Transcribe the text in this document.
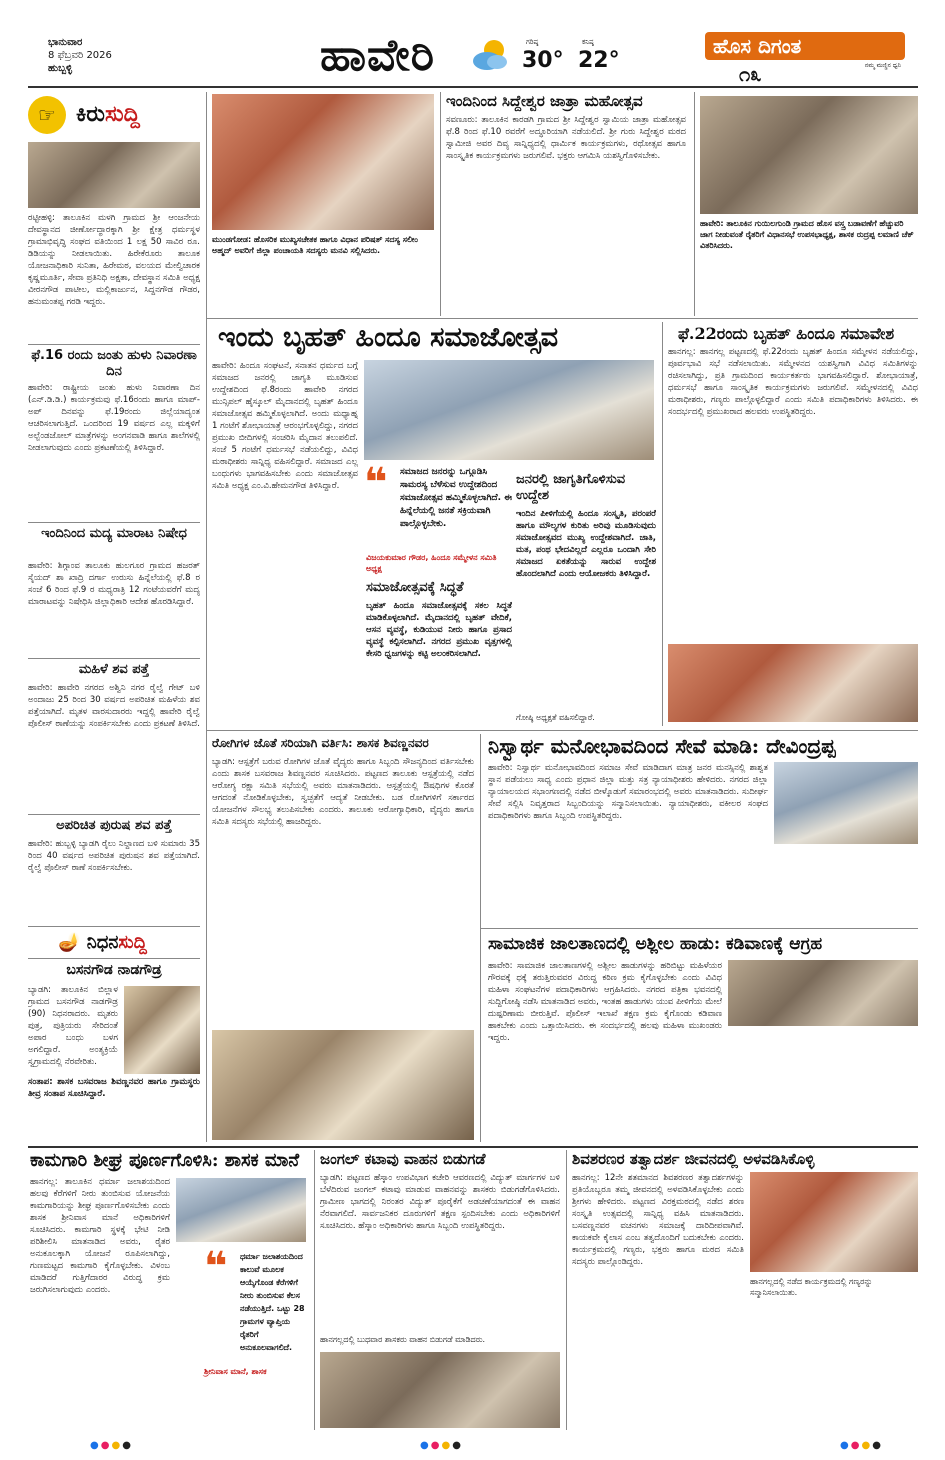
ಭಾನುವಾರ
8 ಫೆಬ್ರವರಿ 2026

ಹುಬ್ಬಳ್ಳಿ	ಹಾವೇರಿ	ಗರಿಷ್ಠ
30°
ಕನಿಷ್ಠ
22°
ಹೊಸ ದಿಗಂತ
೧೩	ನಮ್ಮ ಮಣ್ಣಿನ ಧ್ವನಿ
☞ ಕಿರುಸುದ್ದಿ
ರಟ್ಟೀಹಳ್ಳಿ: ತಾಲೂಕಿನ ಮಳಗಿ ಗ್ರಾಮದ ಶ್ರೀ ಆಂಜನೇಯ ದೇವಸ್ಥಾನದ ಜೀರ್ಣೋದ್ಧಾರಕ್ಕಾಗಿ ಶ್ರೀ ಕ್ಷೇತ್ರ ಧರ್ಮಸ್ಥಳ ಗ್ರಾಮಾಭಿವೃದ್ಧಿ ಸಂಘದ ವತಿಯಿಂದ 1 ಲಕ್ಷ 50 ಸಾವಿರ ರೂ. ಡಿಡಿಯನ್ನು ನೀಡಲಾಯಿತು. ಹಿರೇಕೆರೂರು ತಾಲೂಕ ಯೋಜನಾಧಿಕಾರಿ ಸುನಿತಾ, ಹಿರೇಮಠ, ವಲಯದ ಮೇಲ್ವಿಚಾರಕ ಕೃಷ್ಣಮೂರ್ತಿ, ಸೇವಾ ಪ್ರತಿನಿಧಿ ಅಕ್ಷತಾ, ದೇವಸ್ಥಾನ ಸಮಿತಿ ಅಧ್ಯಕ್ಷ ವೀರನಗೌಡ ಪಾಟೀಲ, ಮಲ್ಲಿಕಾರ್ಜುನ, ಸಿದ್ದನಗೌಡ ಗೌಡರ, ಹನುಮಂತಪ್ಪ ಗರಡಿ ಇದ್ದರು.
ಫೆ.16 ರಂದು ಜಂತು ಹುಳು ನಿವಾರಣಾ ದಿನ
ಹಾವೇರಿ: ರಾಷ್ಟ್ರೀಯ ಜಂತು ಹುಳು ನಿವಾರಣಾ ದಿನ (ಎನ್.ಡಿ.ಡಿ.) ಕಾರ್ಯಕ್ರಮವು ಫೆ.16ರಂದು ಹಾಗೂ ಮಾಪ್-ಅಪ್ ದಿನವನ್ನು ಫೆ.19ರಂದು ಜಿಲ್ಲೆಯಾದ್ಯಂತ ಆಚರಿಸಲಾಗುತ್ತಿದೆ. ಒಂದರಿಂದ 19 ವರ್ಷದ ಎಲ್ಲ ಮಕ್ಕಳಿಗೆ ಅಲ್ಬೆಂಡಜೋಲ್ ಮಾತ್ರೆಗಳನ್ನು ಅಂಗನವಾಡಿ ಹಾಗೂ ಶಾಲೆಗಳಲ್ಲಿ ನೀಡಲಾಗುವುದು ಎಂದು ಪ್ರಕಟಣೆಯಲ್ಲಿ ತಿಳಿಸಿದ್ದಾರೆ.
ಇಂದಿನಿಂದ ಮದ್ಯ ಮಾರಾಟ ನಿಷೇಧ
ಹಾವೇರಿ: ಶಿಗ್ಗಾಂವ ತಾಲೂಕು ಹುಲಗೂರ ಗ್ರಾಮದ ಹಜರತ್ ಸೈಯದ್ ಶಾ ಖಾದ್ರಿ ದರ್ಗಾ ಉರುಸು ಹಿನ್ನೆಲೆಯಲ್ಲಿ ಫೆ.8 ರ ಸಂಜೆ 6 ರಿಂದ ಫೆ.9 ರ ಮಧ್ಯರಾತ್ರಿ 12 ಗಂಟೆಯವರೆಗೆ ಮದ್ಯ ಮಾರಾಟವನ್ನು ನಿಷೇಧಿಸಿ ಜಿಲ್ಲಾಧಿಕಾರಿ ಆದೇಶ ಹೊರಡಿಸಿದ್ದಾರೆ.
ಮಹಿಳೆ ಶವ ಪತ್ತೆ
ಹಾವೇರಿ: ಹಾವೇರಿ ನಗರದ ಅಶ್ವಿನಿ ನಗರ ರೈಲ್ವೆ ಗೇಟ್ ಬಳಿ ಅಂದಾಜು 25 ರಿಂದ 30 ವರ್ಷದ ಅಪರಿಚಿತ ಮಹಿಳೆಯ ಶವ ಪತ್ತೆಯಾಗಿದೆ. ಮೃತಳ ವಾರಸುದಾರರು ಇದ್ದಲ್ಲಿ ಹಾವೇರಿ ರೈಲ್ವೆ ಪೊಲೀಸ್ ಠಾಣೆಯನ್ನು ಸಂಪರ್ಕಿಸಬೇಕು ಎಂದು ಪ್ರಕಟಣೆ ತಿಳಿಸಿದೆ.
ಅಪರಿಚಿತ ಪುರುಷ ಶವ ಪತ್ತೆ
ಹಾವೇರಿ: ಹುಬ್ಬಳ್ಳಿ ಬ್ಯಾಡಗಿ ರೈಲು ನಿಲ್ದಾಣದ ಬಳಿ ಸುಮಾರು 35 ರಿಂದ 40 ವರ್ಷದ ಅಪರಿಚಿತ ಪುರುಷನ ಶವ ಪತ್ತೆಯಾಗಿದೆ. ರೈಲ್ವೆ ಪೊಲೀಸ್ ಠಾಣೆ ಸಂಪರ್ಕಿಸಬೇಕು.
🪔 ನಿಧನಸುದ್ದಿ
ಬಸನಗೌಡ ನಾಡಗೌಡ್ರ
ಬ್ಯಾಡಗಿ: ತಾಲೂಕಿನ ಬಿಲ್ಲಾಳ ಗ್ರಾಮದ ಬಸನಗೌಡ ನಾಡಗೌಡ್ರ (90) ನಿಧನರಾದರು. ಮೃತರು ಪುತ್ರ, ಪುತ್ರಿಯರು ಸೇರಿದಂತೆ ಅಪಾರ ಬಂಧು ಬಳಗ ಅಗಲಿದ್ದಾರೆ. ಅಂತ್ಯಕ್ರಿಯೆ ಸ್ವಗ್ರಾಮದಲ್ಲಿ ನೆರವೇರಿತು.
ಸಂತಾಪ: ಶಾಸಕ ಬಸವರಾಜ ಶಿವಣ್ಣನವರ ಹಾಗೂ ಗ್ರಾಮಸ್ಥರು ತೀವ್ರ ಸಂತಾಪ ಸೂಚಿಸಿದ್ದಾರೆ.
ಮುಂಡಗೋಡ: ಹೊಸರಿಕ ಮುಖ್ಯಸಚೇತಕ ಹಾಗೂ ವಿಧಾನ ಪರಿಷತ್ ಸದಸ್ಯ ಸಲೀಂ ಅಹ್ಮದ್ ಅವರಿಗೆ ಜಿಲ್ಲಾ ಪಂಚಾಯತಿ ಸದಸ್ಯರು ಮನವಿ ಸಲ್ಲಿಸಿದರು.
ಇಂದಿನಿಂದ ಸಿದ್ದೇಶ್ವರ ಜಾತ್ರಾ ಮಹೋತ್ಸವ
ಸವಣೂರು: ತಾಲೂಕಿನ ಕಾರಡಗಿ ಗ್ರಾಮದ ಶ್ರೀ ಸಿದ್ದೇಶ್ವರ ಸ್ವಾಮಿಯ ಜಾತ್ರಾ ಮಹೋತ್ಸವ ಫೆ.8 ರಿಂದ ಫೆ.10 ರವರೆಗೆ ಅದ್ಧೂರಿಯಾಗಿ ನಡೆಯಲಿದೆ. ಶ್ರೀ ಗುರು ಸಿದ್ದೇಶ್ವರ ಮಠದ ಸ್ವಾಮೀಜಿ ಅವರ ದಿವ್ಯ ಸಾನ್ನಿಧ್ಯದಲ್ಲಿ ಧಾರ್ಮಿಕ ಕಾರ್ಯಕ್ರಮಗಳು, ರಥೋತ್ಸವ ಹಾಗೂ ಸಾಂಸ್ಕೃತಿಕ ಕಾರ್ಯಕ್ರಮಗಳು ಜರುಗಲಿವೆ. ಭಕ್ತರು ಆಗಮಿಸಿ ಯಶಸ್ವಿಗೊಳಿಸಬೇಕು.
ಹಾವೇರಿ: ತಾಲೂಕಿನ ಗುಯಿಲಗುಂಡಿ ಗ್ರಾಮದ ಹೊಸ ವಸ್ತ್ರ ಬಡಾವಣೆಗೆ ಹೆಚ್ಚುವರಿ ಜಾಗ ನೀಡುವಂತೆ ರೈತರಿಗೆ ವಿಧಾನಸಭೆ ಉಪಸಭಾಧ್ಯಕ್ಷ, ಶಾಸಕ ರುದ್ರಪ್ಪ ಲಮಾಣಿ ಚೆಕ್ ವಿತರಿಸಿದರು.
ಇಂದು ಬೃಹತ್ ಹಿಂದೂ ಸಮಾಜೋತ್ಸವ
ಹಾವೇರಿ: ಹಿಂದೂ ಸಂಘಟನೆ, ಸನಾತನ ಧರ್ಮದ ಬಗ್ಗೆ ಸಮಾಜದ ಜನರಲ್ಲಿ ಜಾಗೃತಿ ಮೂಡಿಸುವ ಉದ್ದೇಶದಿಂದ ಫೆ.8ರಂದು ಹಾವೇರಿ ನಗರದ ಮುನ್ಸಿಪಲ್ ಹೈಸ್ಕೂಲ್ ಮೈದಾನದಲ್ಲಿ ಬೃಹತ್ ಹಿಂದೂ ಸಮಾಜೋತ್ಸವ ಹಮ್ಮಿಕೊಳ್ಳಲಾಗಿದೆ. ಅಂದು ಮಧ್ಯಾಹ್ನ 1 ಗಂಟೆಗೆ ಶೋಭಾಯಾತ್ರೆ ಆರಂಭಗೊಳ್ಳಲಿದ್ದು, ನಗರದ ಪ್ರಮುಖ ಬೀದಿಗಳಲ್ಲಿ ಸಂಚರಿಸಿ ಮೈದಾನ ತಲುಪಲಿದೆ. ಸಂಜೆ 5 ಗಂಟೆಗೆ ಧರ್ಮಸಭೆ ನಡೆಯಲಿದ್ದು, ವಿವಿಧ ಮಠಾಧೀಶರು ಸಾನ್ನಿಧ್ಯ ವಹಿಸಲಿದ್ದಾರೆ. ಸಮಾಜದ ಎಲ್ಲ ಬಂಧುಗಳು ಭಾಗವಹಿಸಬೇಕು ಎಂದು ಸಮಾಜೋತ್ಸವ ಸಮಿತಿ ಅಧ್ಯಕ್ಷ ಎಂ.ವಿ.ಹೇಮನಗೌಡ ತಿಳಿಸಿದ್ದಾರೆ. ❝ ಸಮಾಜದ ಜನರನ್ನು ಒಗ್ಗೂಡಿಸಿ ಸಾಮರಸ್ಯ ಬೆಳೆಸುವ ಉದ್ದೇಶದಿಂದ ಸಮಾಜೋತ್ಸವ ಹಮ್ಮಿಕೊಳ್ಳಲಾಗಿದೆ. ಈ ಹಿನ್ನೆಲೆಯಲ್ಲಿ ಜನತೆ ಸಕ್ರಿಯವಾಗಿ ಪಾಲ್ಗೊಳ್ಳಬೇಕು.
ವಿಜಯಕುಮಾರ ಗೌಡರ, ಹಿಂದೂ ಸಮ್ಮೇಳನ ಸಮಿತಿ ಅಧ್ಯಕ್ಷ
ಸಮಾಜೋತ್ಸವಕ್ಕೆ ಸಿದ್ಧತೆ
ಬೃಹತ್ ಹಿಂದೂ ಸಮಾಜೋತ್ಸವಕ್ಕೆ ಸಕಲ ಸಿದ್ಧತೆ ಮಾಡಿಕೊಳ್ಳಲಾಗಿದೆ. ಮೈದಾನದಲ್ಲಿ ಬೃಹತ್ ವೇದಿಕೆ, ಆಸನ ವ್ಯವಸ್ಥೆ, ಕುಡಿಯುವ ನೀರು ಹಾಗೂ ಪ್ರಸಾದ ವ್ಯವಸ್ಥೆ ಕಲ್ಪಿಸಲಾಗಿದೆ. ನಗರದ ಪ್ರಮುಖ ವೃತ್ತಗಳಲ್ಲಿ ಕೇಸರಿ ಧ್ವಜಗಳನ್ನು ಕಟ್ಟಿ ಅಲಂಕರಿಸಲಾಗಿದೆ.
ಜನರಲ್ಲಿ ಜಾಗೃತಿಗೊಳಿಸುವ ಉದ್ದೇಶ
ಇಂದಿನ ಪೀಳಿಗೆಯಲ್ಲಿ ಹಿಂದೂ ಸಂಸ್ಕೃತಿ, ಪರಂಪರೆ ಹಾಗೂ ಮೌಲ್ಯಗಳ ಕುರಿತು ಅರಿವು ಮೂಡಿಸುವುದು ಸಮಾಜೋತ್ಸವದ ಮುಖ್ಯ ಉದ್ದೇಶವಾಗಿದೆ. ಜಾತಿ, ಮತ, ಪಂಥ ಭೇದವಿಲ್ಲದೆ ಎಲ್ಲರೂ ಒಂದಾಗಿ ಸೇರಿ ಸಮಾಜದ ಏಕತೆಯನ್ನು ಸಾರುವ ಉದ್ದೇಶ ಹೊಂದಲಾಗಿದೆ ಎಂದು ಆಯೋಜಕರು ತಿಳಿಸಿದ್ದಾರೆ.
ಗೋಷ್ಠಿ ಅಧ್ಯಕ್ಷತೆ ವಹಿಸಲಿದ್ದಾರೆ.
ಫೆ.22ರಂದು ಬೃಹತ್ ಹಿಂದೂ ಸಮಾವೇಶ
ಹಾನಗಲ್ಲ: ಹಾನಗಲ್ಲ ಪಟ್ಟಣದಲ್ಲಿ ಫೆ.22ರಂದು ಬೃಹತ್ ಹಿಂದೂ ಸಮ್ಮೇಳನ ನಡೆಯಲಿದ್ದು, ಪೂರ್ವಭಾವಿ ಸಭೆ ನಡೆಸಲಾಯಿತು. ಸಮ್ಮೇಳನದ ಯಶಸ್ವಿಗಾಗಿ ವಿವಿಧ ಸಮಿತಿಗಳನ್ನು ರಚಿಸಲಾಗಿದ್ದು, ಪ್ರತಿ ಗ್ರಾಮದಿಂದ ಕಾರ್ಯಕರ್ತರು ಭಾಗವಹಿಸಲಿದ್ದಾರೆ. ಶೋಭಾಯಾತ್ರೆ, ಧರ್ಮಸಭೆ ಹಾಗೂ ಸಾಂಸ್ಕೃತಿಕ ಕಾರ್ಯಕ್ರಮಗಳು ಜರುಗಲಿವೆ. ಸಮ್ಮೇಳನದಲ್ಲಿ ವಿವಿಧ ಮಠಾಧೀಶರು, ಗಣ್ಯರು ಪಾಲ್ಗೊಳ್ಳಲಿದ್ದಾರೆ ಎಂದು ಸಮಿತಿ ಪದಾಧಿಕಾರಿಗಳು ತಿಳಿಸಿದರು. ಈ ಸಂದರ್ಭದಲ್ಲಿ ಪ್ರಮುಖರಾದ ಹಲವರು ಉಪಸ್ಥಿತರಿದ್ದರು.
ರೋಗಿಗಳ ಜೊತೆ ಸರಿಯಾಗಿ ವರ್ತಿಸಿ: ಶಾಸಕ ಶಿವಣ್ಣನವರ
ಬ್ಯಾಡಗಿ: ಆಸ್ಪತ್ರೆಗೆ ಬರುವ ರೋಗಿಗಳ ಜೊತೆ ವೈದ್ಯರು ಹಾಗೂ ಸಿಬ್ಬಂದಿ ಸೌಜನ್ಯದಿಂದ ವರ್ತಿಸಬೇಕು ಎಂದು ಶಾಸಕ ಬಸವರಾಜ ಶಿವಣ್ಣನವರ ಸೂಚಿಸಿದರು. ಪಟ್ಟಣದ ತಾಲೂಕು ಆಸ್ಪತ್ರೆಯಲ್ಲಿ ನಡೆದ ಆರೋಗ್ಯ ರಕ್ಷಾ ಸಮಿತಿ ಸಭೆಯಲ್ಲಿ ಅವರು ಮಾತನಾಡಿದರು. ಆಸ್ಪತ್ರೆಯಲ್ಲಿ ಔಷಧಿಗಳ ಕೊರತೆ ಆಗದಂತೆ ನೋಡಿಕೊಳ್ಳಬೇಕು, ಸ್ವಚ್ಛತೆಗೆ ಆದ್ಯತೆ ನೀಡಬೇಕು. ಬಡ ರೋಗಿಗಳಿಗೆ ಸರ್ಕಾರದ ಯೋಜನೆಗಳ ಸೌಲಭ್ಯ ತಲುಪಿಸಬೇಕು ಎಂದರು. ತಾಲೂಕು ಆರೋಗ್ಯಾಧಿಕಾರಿ, ವೈದ್ಯರು ಹಾಗೂ ಸಮಿತಿ ಸದಸ್ಯರು ಸಭೆಯಲ್ಲಿ ಹಾಜರಿದ್ದರು.
ನಿಸ್ವಾರ್ಥ ಮನೋಭಾವದಿಂದ ಸೇವೆ ಮಾಡಿ: ದೇವಿಂದ್ರಪ್ಪ
ಹಾವೇರಿ: ನಿಸ್ವಾರ್ಥ ಮನೋಭಾವದಿಂದ ಸಮಾಜ ಸೇವೆ ಮಾಡಿದಾಗ ಮಾತ್ರ ಜನರ ಮನಸ್ಸಿನಲ್ಲಿ ಶಾಶ್ವತ ಸ್ಥಾನ ಪಡೆಯಲು ಸಾಧ್ಯ ಎಂದು ಪ್ರಧಾನ ಜಿಲ್ಲಾ ಮತ್ತು ಸತ್ರ ನ್ಯಾಯಾಧೀಶರು ಹೇಳಿದರು. ನಗರದ ಜಿಲ್ಲಾ ನ್ಯಾಯಾಲಯದ ಸಭಾಂಗಣದಲ್ಲಿ ನಡೆದ ಬೀಳ್ಕೊಡುಗೆ ಸಮಾರಂಭದಲ್ಲಿ ಅವರು ಮಾತನಾಡಿದರು. ಸುದೀರ್ಘ ಸೇವೆ ಸಲ್ಲಿಸಿ ನಿವೃತ್ತರಾದ ಸಿಬ್ಬಂದಿಯನ್ನು ಸನ್ಮಾನಿಸಲಾಯಿತು. ನ್ಯಾಯಾಧೀಶರು, ವಕೀಲರ ಸಂಘದ ಪದಾಧಿಕಾರಿಗಳು ಹಾಗೂ ಸಿಬ್ಬಂದಿ ಉಪಸ್ಥಿತರಿದ್ದರು.
ಸಾಮಾಜಿಕ ಜಾಲತಾಣದಲ್ಲಿ ಅಶ್ಲೀಲ ಹಾಡು: ಕಡಿವಾಣಕ್ಕೆ ಆಗ್ರಹ
ಹಾವೇರಿ: ಸಾಮಾಜಿಕ ಜಾಲತಾಣಗಳಲ್ಲಿ ಅಶ್ಲೀಲ ಹಾಡುಗಳನ್ನು ಹರಿಬಿಟ್ಟು ಮಹಿಳೆಯರ ಗೌರವಕ್ಕೆ ಧಕ್ಕೆ ತರುತ್ತಿರುವವರ ವಿರುದ್ಧ ಕಠಿಣ ಕ್ರಮ ಕೈಗೊಳ್ಳಬೇಕು ಎಂದು ವಿವಿಧ ಮಹಿಳಾ ಸಂಘಟನೆಗಳ ಪದಾಧಿಕಾರಿಗಳು ಆಗ್ರಹಿಸಿದರು. ನಗರದ ಪತ್ರಿಕಾ ಭವನದಲ್ಲಿ ಸುದ್ದಿಗೋಷ್ಠಿ ನಡೆಸಿ ಮಾತನಾಡಿದ ಅವರು, ಇಂತಹ ಹಾಡುಗಳು ಯುವ ಪೀಳಿಗೆಯ ಮೇಲೆ ದುಷ್ಪರಿಣಾಮ ಬೀರುತ್ತಿವೆ. ಪೊಲೀಸ್ ಇಲಾಖೆ ತಕ್ಷಣ ಕ್ರಮ ಕೈಗೊಂಡು ಕಡಿವಾಣ ಹಾಕಬೇಕು ಎಂದು ಒತ್ತಾಯಿಸಿದರು. ಈ ಸಂದರ್ಭದಲ್ಲಿ ಹಲವು ಮಹಿಳಾ ಮುಖಂಡರು ಇದ್ದರು.
ಕಾಮಗಾರಿ ಶೀಘ್ರ ಪೂರ್ಣಗೊಳಿಸಿ: ಶಾಸಕ ಮಾನೆ
ಹಾನಗಲ್ಲ: ತಾಲೂಕಿನ ಧರ್ಮಾ ಜಲಾಶಯದಿಂದ ಹಲವು ಕೆರೆಗಳಿಗೆ ನೀರು ತುಂಬಿಸುವ ಯೋಜನೆಯ ಕಾಮಗಾರಿಯನ್ನು ಶೀಘ್ರ ಪೂರ್ಣಗೊಳಿಸಬೇಕು ಎಂದು ಶಾಸಕ ಶ್ರೀನಿವಾಸ ಮಾನೆ ಅಧಿಕಾರಿಗಳಿಗೆ ಸೂಚಿಸಿದರು. ಕಾಮಗಾರಿ ಸ್ಥಳಕ್ಕೆ ಭೇಟಿ ನೀಡಿ ಪರಿಶೀಲಿಸಿ ಮಾತನಾಡಿದ ಅವರು, ರೈತರ ಅನುಕೂಲಕ್ಕಾಗಿ ಯೋಜನೆ ರೂಪಿಸಲಾಗಿದ್ದು, ಗುಣಮಟ್ಟದ ಕಾಮಗಾರಿ ಕೈಗೊಳ್ಳಬೇಕು. ವಿಳಂಬ ಮಾಡಿದರೆ ಗುತ್ತಿಗೆದಾರರ ವಿರುದ್ಧ ಕ್ರಮ ಜರುಗಿಸಲಾಗುವುದು ಎಂದರು.	❝ ಧರ್ಮಾ ಜಲಾಶಯದಿಂದ ಕಾಲುವೆ ಮೂಲಕ ಆಯ್ಕೆಗೊಂಡ ಕೆರೆಗಳಿಗೆ ನೀರು ತುಂಬಿಸುವ ಕೆಲಸ ನಡೆಯುತ್ತಿದೆ. ಒಟ್ಟು 28 ಗ್ರಾಮಗಳ ವ್ಯಾಪ್ತಿಯ ರೈತರಿಗೆ ಅನುಕೂಲವಾಗಲಿದೆ.
ಶ್ರೀನಿವಾಸ ಮಾನೆ, ಶಾಸಕ
ಜಂಗಲ್ ಕಟಾವು ವಾಹನ ಬಿಡುಗಡೆ
ಬ್ಯಾಡಗಿ: ಪಟ್ಟಣದ ಹೆಸ್ಕಾಂ ಉಪವಿಭಾಗ ಕಚೇರಿ ಆವರಣದಲ್ಲಿ ವಿದ್ಯುತ್ ಮಾರ್ಗಗಳ ಬಳಿ ಬೆಳೆದಿರುವ ಜಂಗಲ್ ಕಟಾವು ಮಾಡುವ ವಾಹನವನ್ನು ಶಾಸಕರು ಬಿಡುಗಡೆಗೊಳಿಸಿದರು. ಗ್ರಾಮೀಣ ಭಾಗದಲ್ಲಿ ನಿರಂತರ ವಿದ್ಯುತ್ ಪೂರೈಕೆಗೆ ಅಡಚಣೆಯಾಗದಂತೆ ಈ ವಾಹನ ನೆರವಾಗಲಿದೆ. ಸಾರ್ವಜನಿಕರ ದೂರುಗಳಿಗೆ ತಕ್ಷಣ ಸ್ಪಂದಿಸಬೇಕು ಎಂದು ಅಧಿಕಾರಿಗಳಿಗೆ ಸೂಚಿಸಿದರು. ಹೆಸ್ಕಾಂ ಅಧಿಕಾರಿಗಳು ಹಾಗೂ ಸಿಬ್ಬಂದಿ ಉಪಸ್ಥಿತರಿದ್ದರು.
ಹಾನಗಲ್ಲದಲ್ಲಿ ಬುಧವಾರ ಶಾಸಕರು ವಾಹನ ಬಿಡುಗಡೆ ಮಾಡಿದರು.
ಶಿವಶರಣರ ತತ್ವಾದರ್ಶ ಜೀವನದಲ್ಲಿ ಅಳವಡಿಸಿಕೊಳ್ಳಿ
ಹಾನಗಲ್ಲ: 12ನೇ ಶತಮಾನದ ಶಿವಶರಣರ ತತ್ವಾದರ್ಶಗಳನ್ನು ಪ್ರತಿಯೊಬ್ಬರೂ ತಮ್ಮ ಜೀವನದಲ್ಲಿ ಅಳವಡಿಸಿಕೊಳ್ಳಬೇಕು ಎಂದು ಶ್ರೀಗಳು ಹೇಳಿದರು. ಪಟ್ಟಣದ ವಿರಕ್ತಮಠದಲ್ಲಿ ನಡೆದ ಶರಣ ಸಂಸ್ಕೃತಿ ಉತ್ಸವದಲ್ಲಿ ಸಾನ್ನಿಧ್ಯ ವಹಿಸಿ ಮಾತನಾಡಿದರು. ಬಸವಣ್ಣನವರ ವಚನಗಳು ಸಮಾಜಕ್ಕೆ ದಾರಿದೀಪವಾಗಿವೆ. ಕಾಯಕವೇ ಕೈಲಾಸ ಎಂಬ ತತ್ವದೊಂದಿಗೆ ಬದುಕಬೇಕು ಎಂದರು. ಕಾರ್ಯಕ್ರಮದಲ್ಲಿ ಗಣ್ಯರು, ಭಕ್ತರು ಹಾಗೂ ಮಠದ ಸಮಿತಿ ಸದಸ್ಯರು ಪಾಲ್ಗೊಂಡಿದ್ದರು.
ಹಾನಗಲ್ಲದಲ್ಲಿ ನಡೆದ ಕಾರ್ಯಕ್ರಮದಲ್ಲಿ ಗಣ್ಯರನ್ನು ಸನ್ಮಾನಿಸಲಾಯಿತು.
●●●●	●●●●	●●●●
